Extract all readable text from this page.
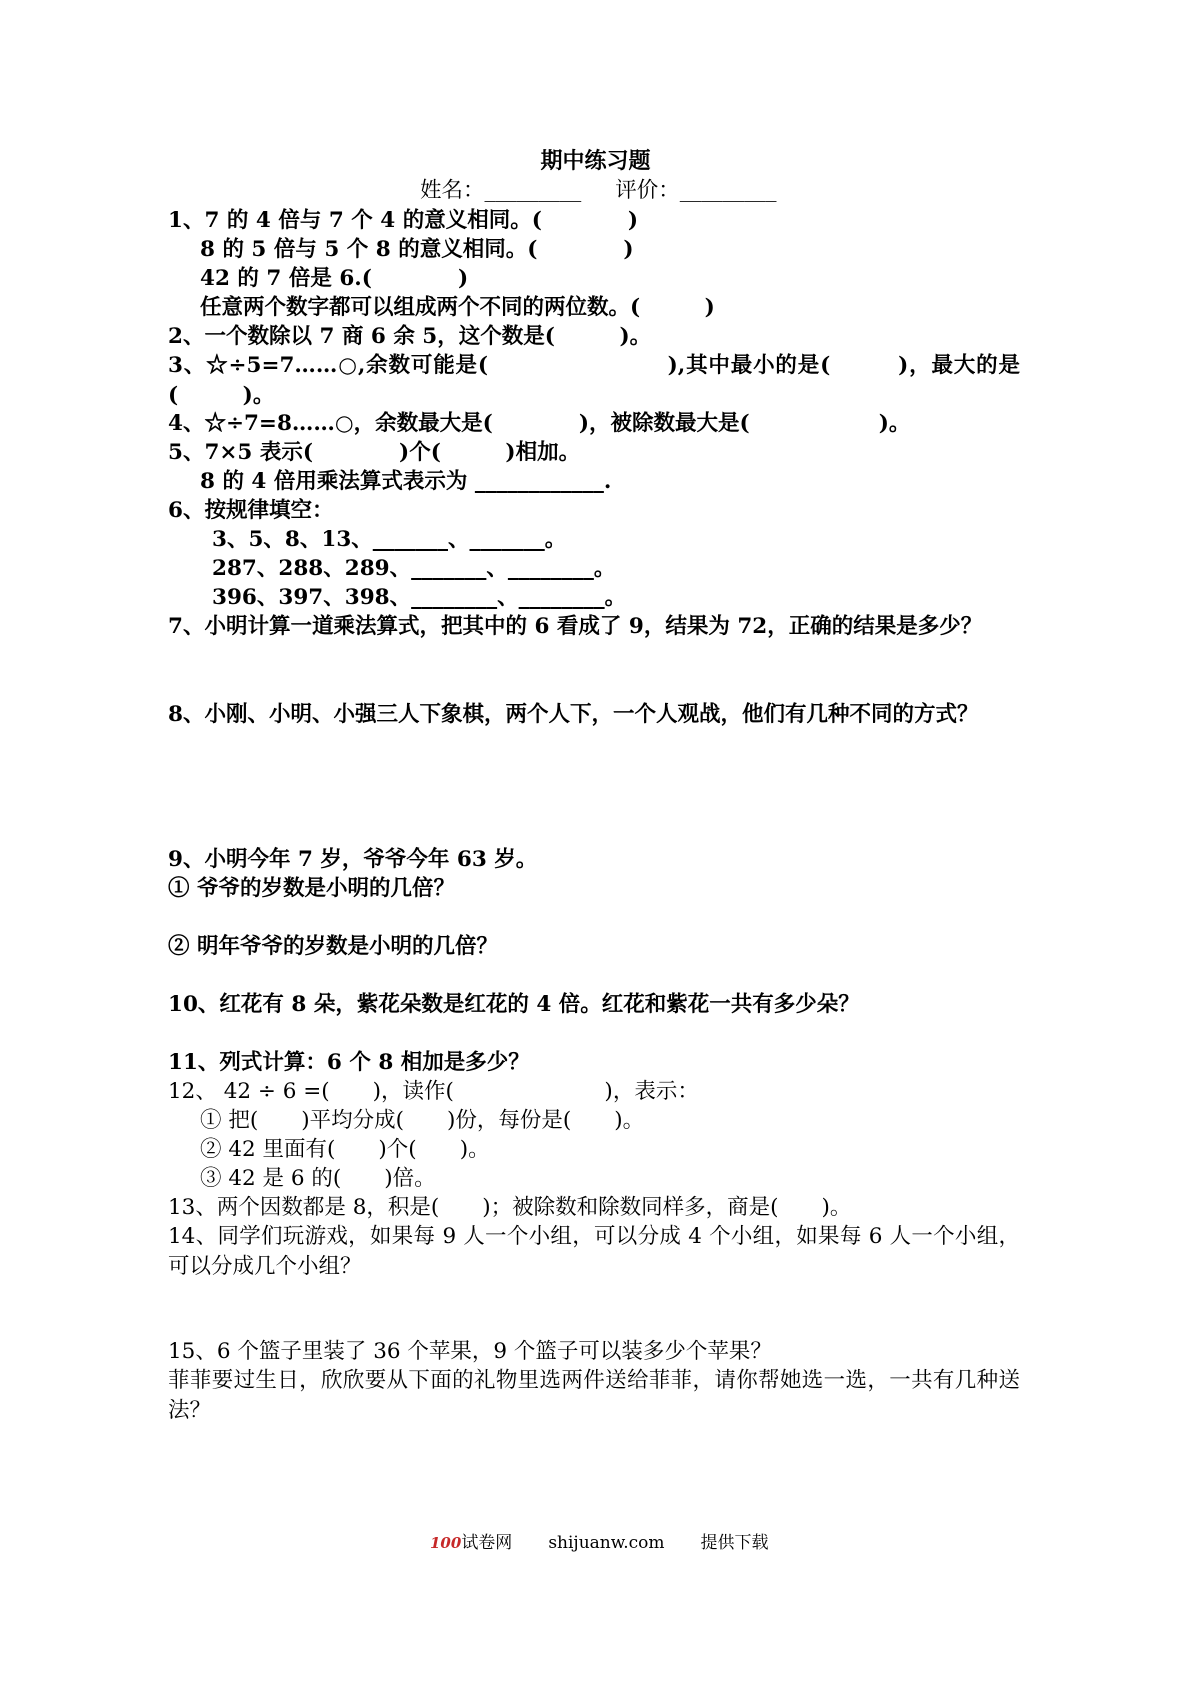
期中练习题
姓名：_________ 评价：_________
1、7 的 4 倍与 7 个 4 的意义相同。(　　　　)
8 的 5 倍与 5 个 8 的意义相同。(　　　　)
42 的 7 倍是 6.(　　　　)
任意两个数字都可以组成两个不同的两位数。(　　　)
2、一个数除以 7 商 6 余 5，这个数是(　　　)。
3、☆÷5=7……○,余数可能是(　　　　　　　　),其中最小的是(　　　)，最大的是(　　　)。
4、☆÷7=8……○，余数最大是(　　　　)，被除数最大是(　　　　　　)。
5、7×5 表示(　　　　)个(　　　)相加。
8 的 4 倍用乘法算式表示为 ____________.
6、按规律填空：
3、5、8、13、_______、_______。
287、288、289、_______、________。
396、397、398、________、________。
7、小明计算一道乘法算式，把其中的 6 看成了 9，结果为 72，正确的结果是多少？
8、小刚、小明、小强三人下象棋，两个人下，一个人观战，他们有几种不同的方式？
9、小明今年 7 岁，爷爷今年 63 岁。
① 爷爷的岁数是小明的几倍？
② 明年爷爷的岁数是小明的几倍？
10、红花有 8 朵，紫花朵数是红花的 4 倍。红花和紫花一共有多少朵？
11、列式计算：6 个 8 相加是多少？
12、 42 ÷ 6 =(　　)，读作(　　　　　　　)，表示：
① 把(　　)平均分成(　　)份，每份是(　　)。
② 42 里面有(　　)个(　　)。
③ 42 是 6 的(　　)倍。
13、两个因数都是 8，积是(　　)；被除数和除数同样多，商是(　　)。
14、同学们玩游戏，如果每 9 人一个小组，可以分成 4 个小组，如果每 6 人一个小组，可以分成几个小组？
15、6 个篮子里装了 36 个苹果，9 个篮子可以装多少个苹果？
菲菲要过生日，欣欣要从下面的礼物里选两件送给菲菲，请你帮她选一选，一共有几种送法？
100试卷网 shijuanw.com 提供下载
